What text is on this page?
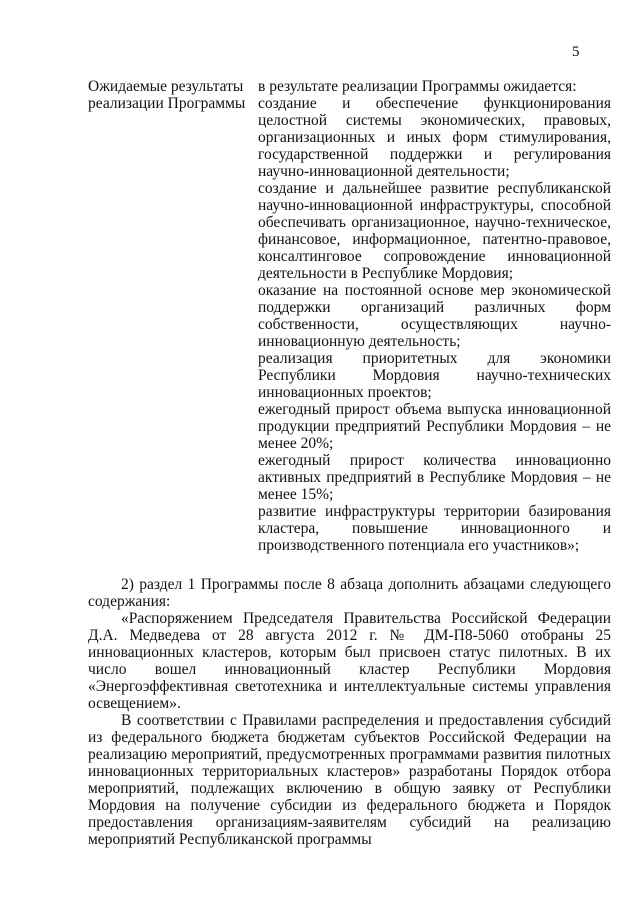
5
Ожидаемые результаты
реализации Программы

в результате реализации Программы ожидается:

создание и обеспечение функционирования целостной системы экономических, правовых, организационных и иных форм стимулирования, государственной поддержки и регулирования научно-инновационной деятельности;

создание и дальнейшее развитие республиканской научно-инновационной инфраструктуры, способной обеспечивать организационное, научно-техническое, финансовое, информационное, патентно-правовое, консалтинговое сопровождение инновационной деятельности в Республике Мордовия;

оказание на постоянной основе мер экономической поддержки организаций различных форм собственности, осуществляющих научно-инновационную деятельность;

реализация приоритетных для экономики Республики Мордовия научно-технических инновационных проектов;

ежегодный прирост объема выпуска инновационной продукции предприятий Республики Мордовия – не менее 20%;

ежегодный прирост количества инновационно активных предприятий в Республике Мордовия – не менее 15%;

развитие инфраструктуры территории базирования кластера, повышение инновационного и производственного потенциала его участников»;

2) раздел 1 Программы после 8 абзаца дополнить абзацами следующего содержания:

«Распоряжением Председателя Правительства Российской Федерации Д.А. Медведева от 28 августа 2012 г. № ДМ-П8-5060 отобраны 25 инновационных кластеров, которым был присвоен статус пилотных. В их число вошел инновационный кластер Республики Мордовия «Энергоэффективная светотехника и интеллектуальные системы управления освещением».

В соответствии с Правилами распределения и предоставления субсидий из федерального бюджета бюджетам субъектов Российской Федерации на реализацию мероприятий, предусмотренных программами развития пилотных инновационных территориальных кластеров» разработаны Порядок отбора мероприятий, подлежащих включению в общую заявку от Республики Мордовия на получение субсидии из федерального бюджета и Порядок предоставления организациям-заявителям субсидий на реализацию мероприятий Республиканской программы
